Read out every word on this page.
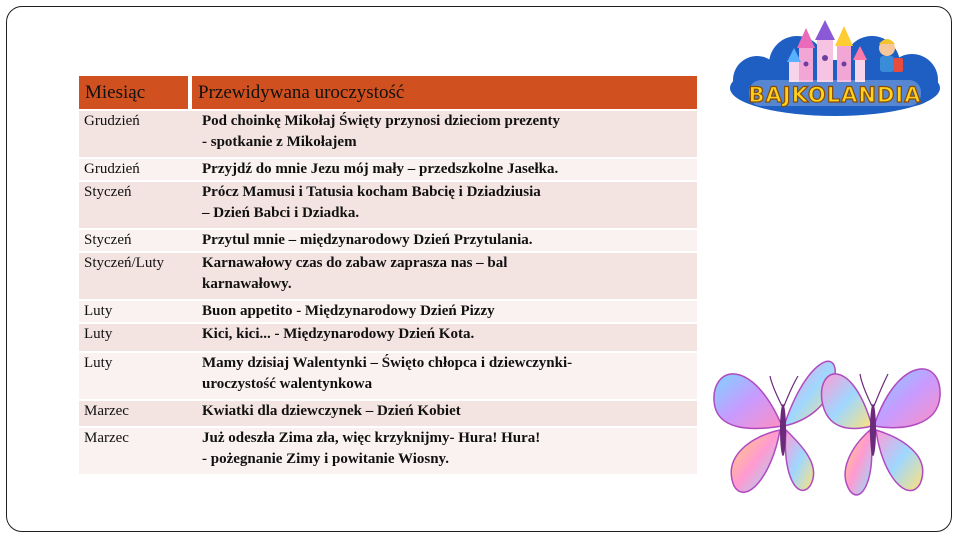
Miesiąc	Przewidywana uroczystość
Grudzień	Pod choinkę Mikołaj Święty przynosi dzieciom prezenty
- spotkanie z Mikołajem
Grudzień	Przyjdź do mnie Jezu mój mały – przedszkolne Jasełka.
Styczeń	Prócz Mamusi i Tatusia kocham Babcię i Dziadziusia
– Dzień Babci i Dziadka.
Styczeń	Przytul mnie – międzynarodowy Dzień Przytulania.
Styczeń/Luty	Karnawałowy czas do zabaw zaprasza nas – bal
karnawałowy.
Luty	Buon appetito - Międzynarodowy Dzień Pizzy
Luty	Kici, kici... - Międzynarodowy Dzień Kota.
Luty	Mamy dzisiaj Walentynki – Święto chłopca i dziewczynki-
uroczystość walentynkowa
Marzec	Kwiatki dla dziewczynek – Dzień Kobiet
Marzec	Już odeszła Zima zła, więc krzyknijmy- Hura! Hura!
- pożegnanie Zimy i powitanie Wiosny.
BAJKOLANDIA
